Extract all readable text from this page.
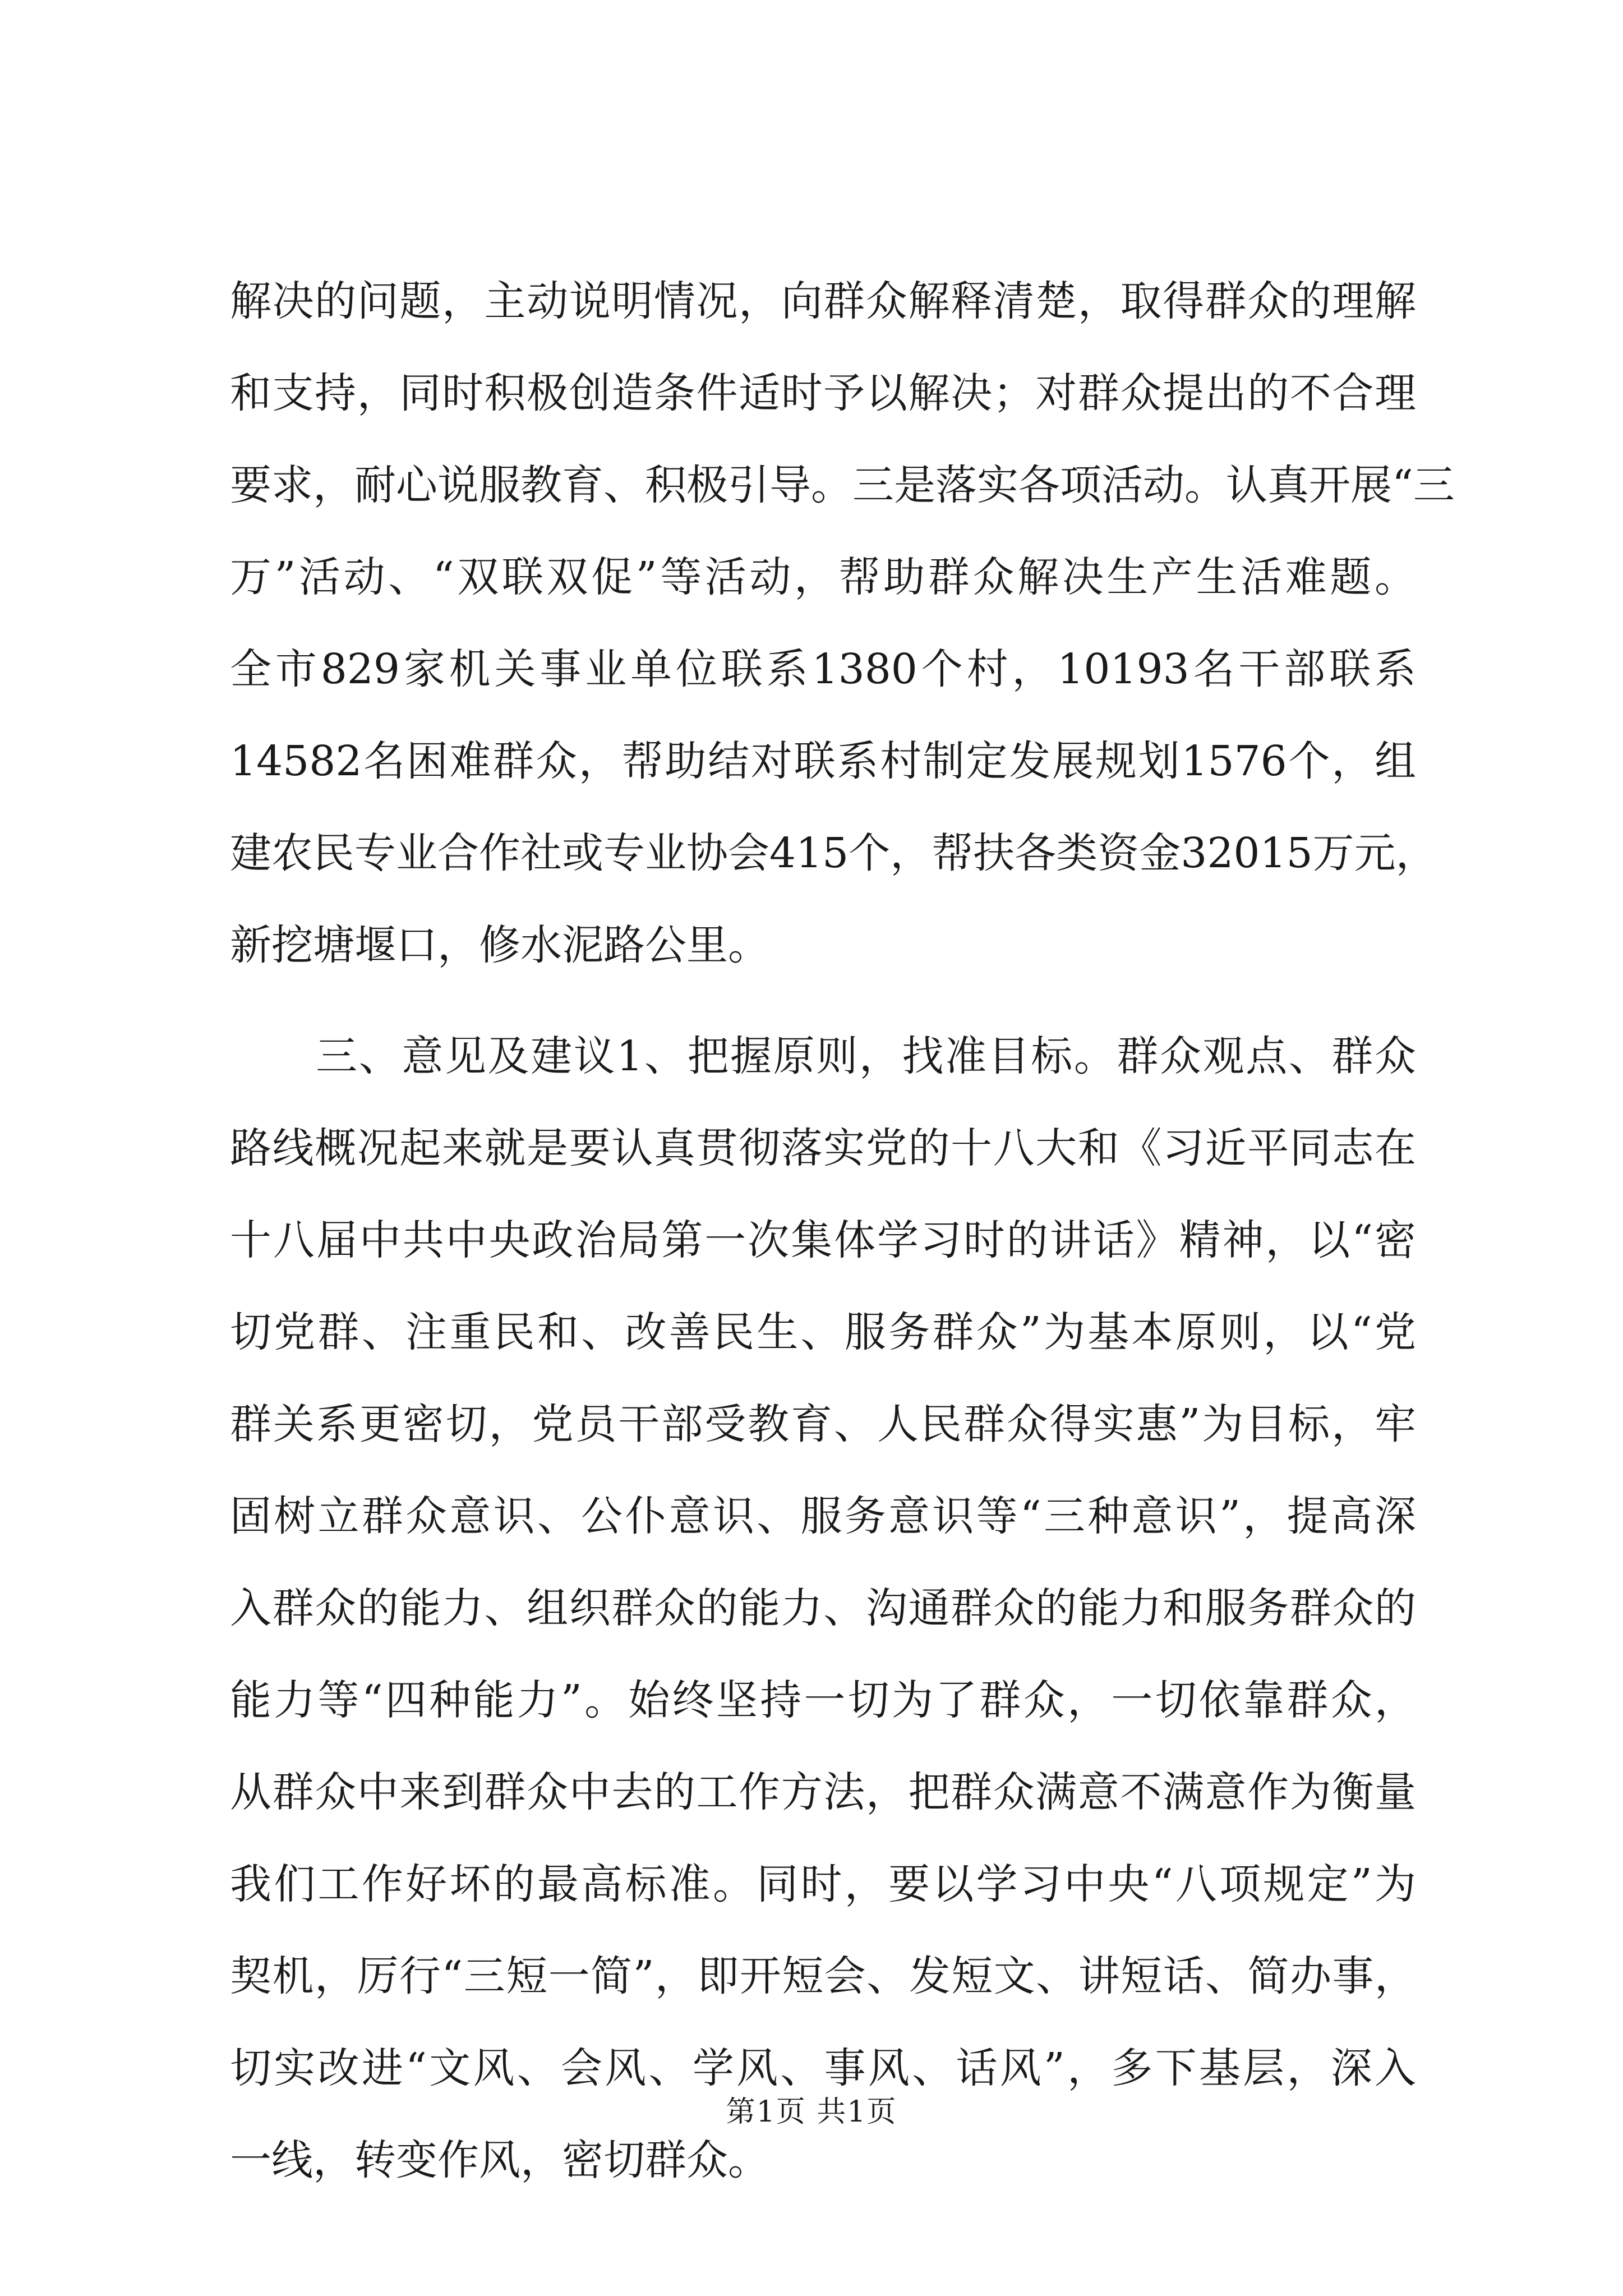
解决的问题，主动说明情况，向群众解释清楚，取得群众的理解
和支持，同时积极创造条件适时予以解决；对群众提出的不合理
要求，耐心说服教育、积极引导。三是落实各项活动。认真开展“三
万”活动、“双联双促”等活动，帮助群众解决生产生活难题。
全市829家机关事业单位联系1380个村，10193名干部联系
14582名困难群众，帮助结对联系村制定发展规划1576个，组
建农民专业合作社或专业协会415个，帮扶各类资金32015万元，
新挖塘堰口，修水泥路公里。
　　三、意见及建议1、把握原则，找准目标。群众观点、群众
路线概况起来就是要认真贯彻落实党的十八大和《习近平同志在
十八届中共中央政治局第一次集体学习时的讲话》精神，以“密
切党群、注重民和、改善民生、服务群众”为基本原则，以“党
群关系更密切，党员干部受教育、人民群众得实惠”为目标，牢
固树立群众意识、公仆意识、服务意识等“三种意识”，提高深
入群众的能力、组织群众的能力、沟通群众的能力和服务群众的
能力等“四种能力”。始终坚持一切为了群众，一切依靠群众，
从群众中来到群众中去的工作方法，把群众满意不满意作为衡量
我们工作好坏的最高标准。同时，要以学习中央“八项规定”为
契机，厉行“三短一简”，即开短会、发短文、讲短话、简办事，
切实改进“文风、会风、学风、事风、话风”，多下基层，深入
一线，转变作风，密切群众。
第1页 共1页
